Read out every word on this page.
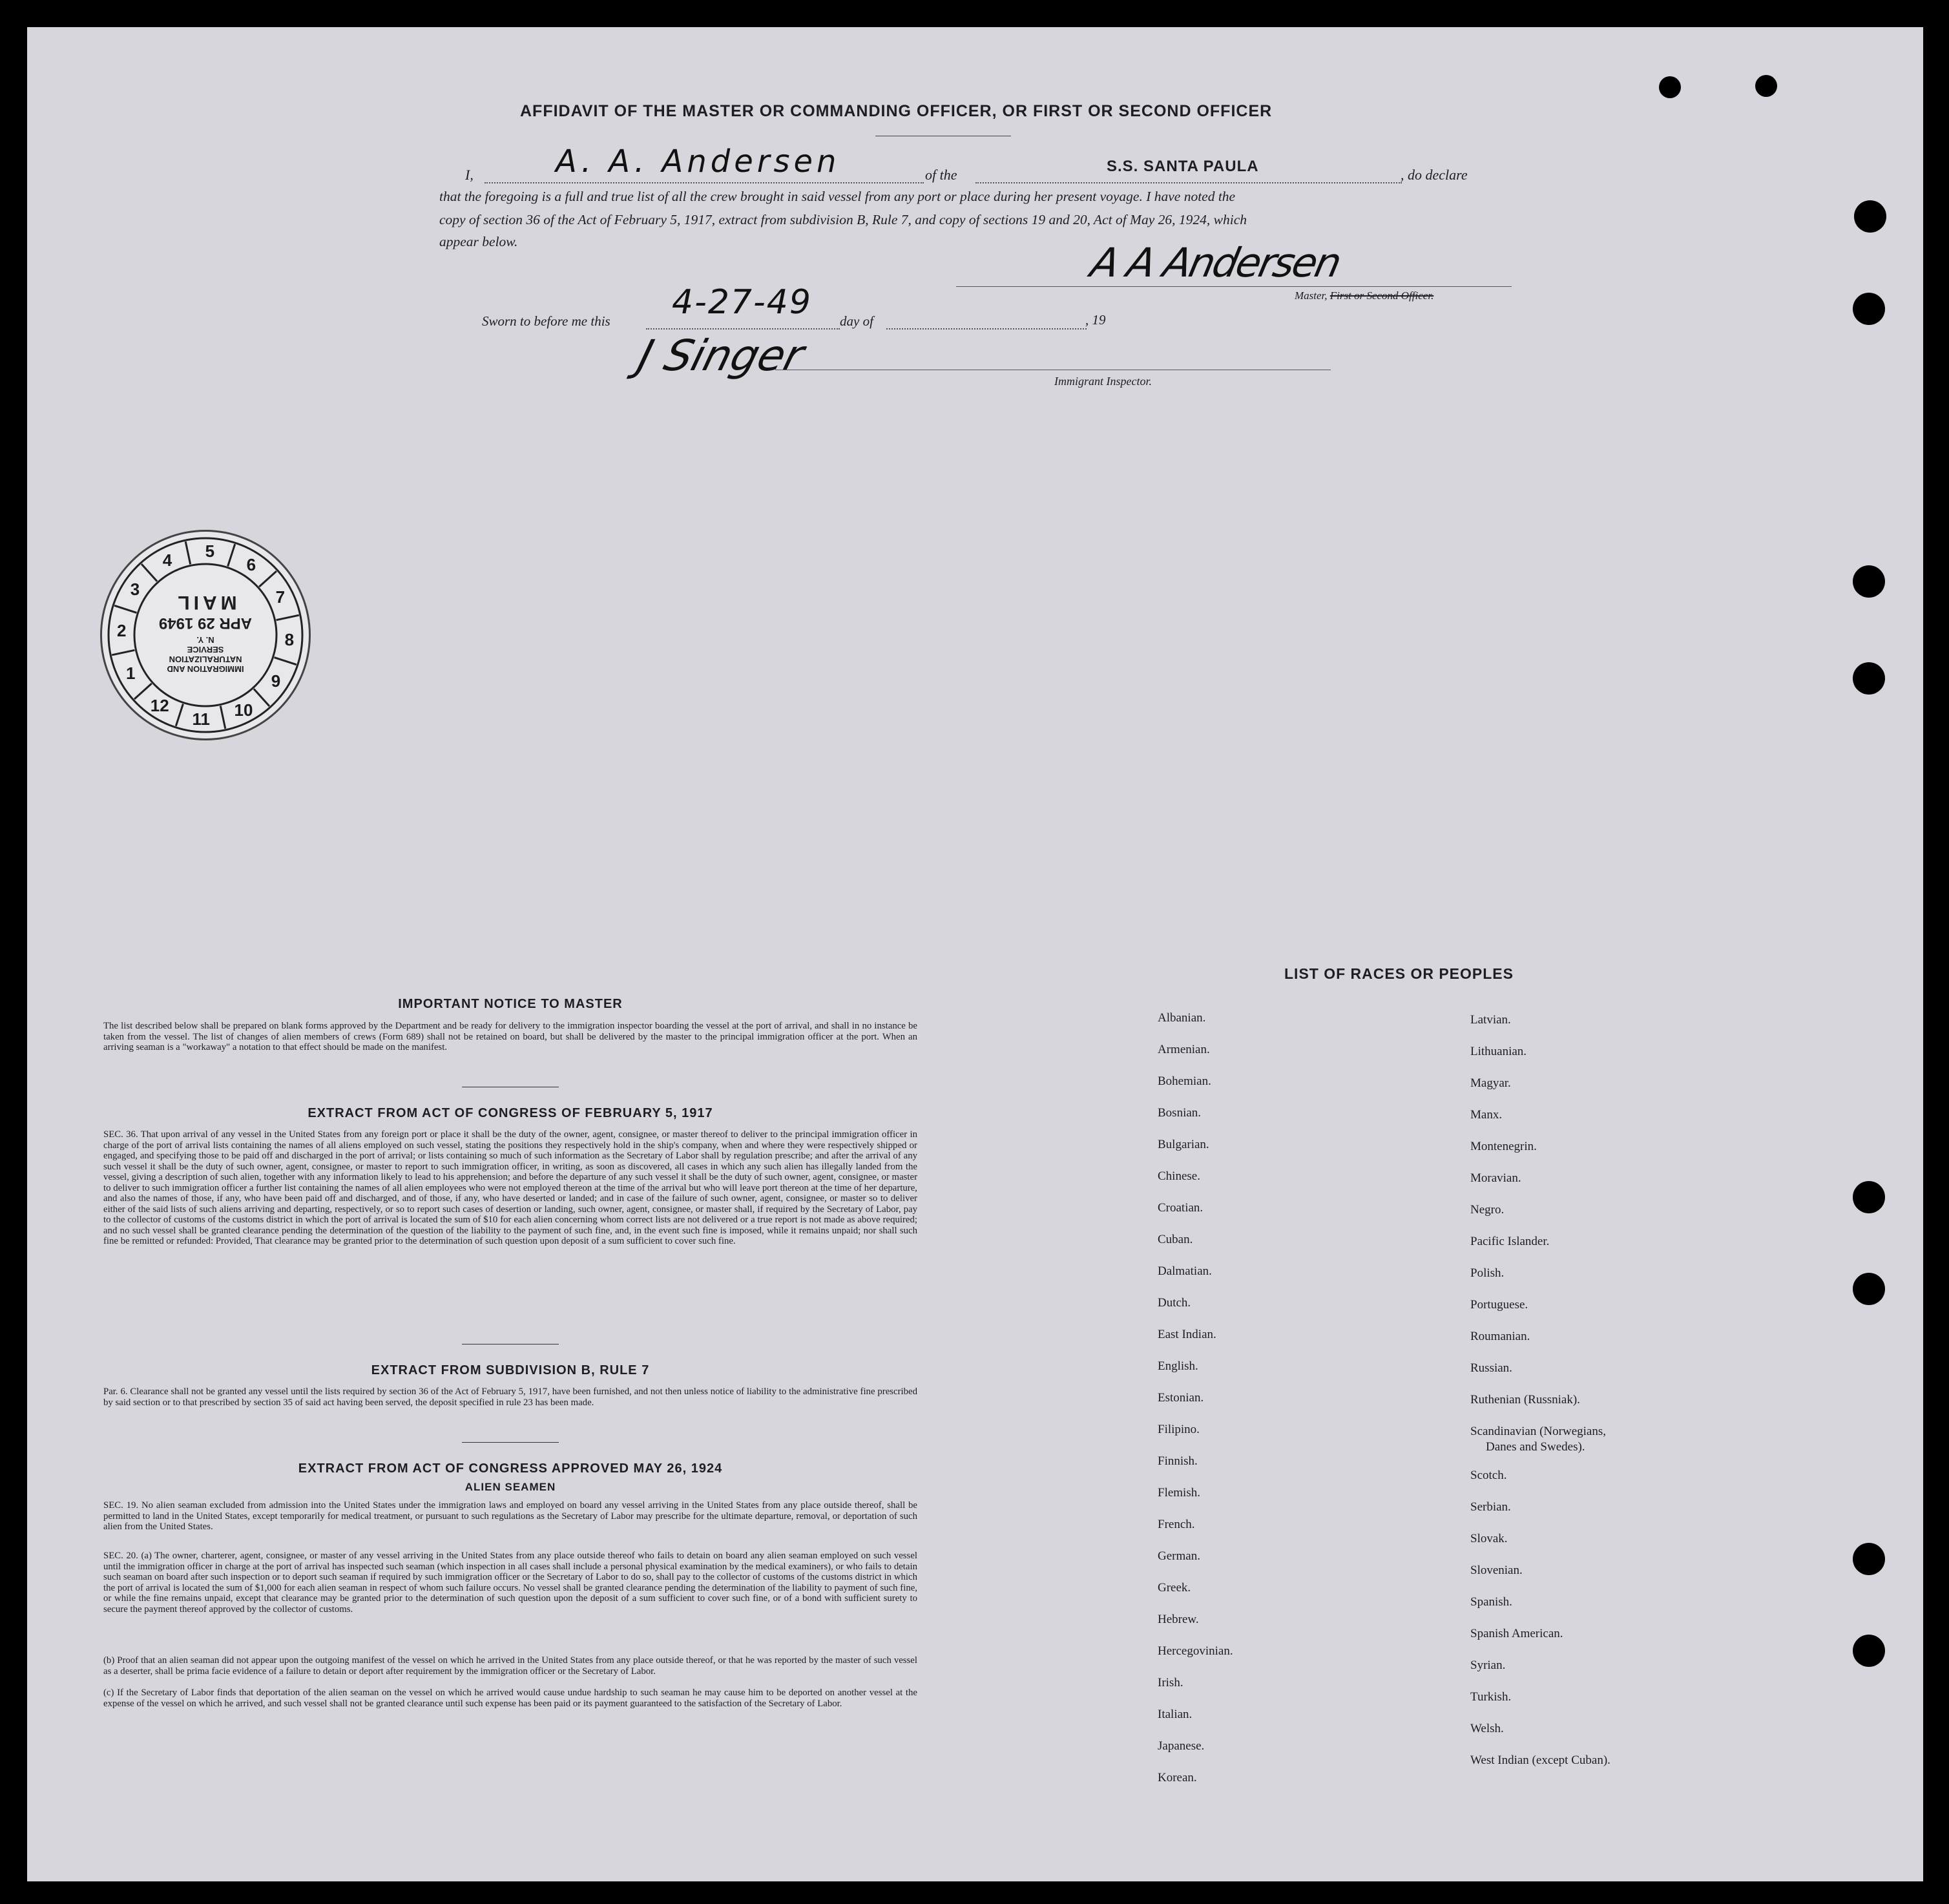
AFFIDAVIT OF THE MASTER OR COMMANDING OFFICER, OR FIRST OR SECOND OFFICER
I,	A. A. Andersen	of the	S.S. SANTA PAULA	, do declare
that the foregoing is a full and true list of all the crew brought in said vessel from any port or place during her present voyage. I have noted the
copy of section 36 of the Act of February 5, 1917, extract from subdivision B, Rule 7, and copy of sections 19 and 20, Act of May 26, 1924, which
appear below.	A A Andersen
Master, First or Second Officer.
Sworn to before me this 4-27-49 day of	, 19
J Singer
Immigrant Inspector.
1
2
3
4 5
6
7
8
9
10
11
12
IMMIGRATION AND
NATURALIZATION
SERVICE
N. Y.
APR 29 1949
MAIL
IMPORTANT NOTICE TO MASTER
The list described below shall be prepared on blank forms approved by the Department and be ready for delivery to the immigration inspector boarding the vessel at the port of arrival, and shall in no instance be taken from the vessel. The list of changes of alien members of crews (Form 689) shall not be retained on board, but shall be delivered by the master to the principal immigration officer at the port. When an arriving seaman is a "workaway" a notation to that effect should be made on the manifest.
EXTRACT FROM ACT OF CONGRESS OF FEBRUARY 5, 1917
SEC. 36. That upon arrival of any vessel in the United States from any foreign port or place it shall be the duty of the owner, agent, consignee, or master thereof to deliver to the principal immigration officer in charge of the port of arrival lists containing the names of all aliens employed on such vessel, stating the positions they respectively hold in the ship's company, when and where they were respectively shipped or engaged, and specifying those to be paid off and discharged in the port of arrival; or lists containing so much of such information as the Secretary of Labor shall by regulation prescribe; and after the arrival of any such vessel it shall be the duty of such owner, agent, consignee, or master to report to such immigration officer, in writing, as soon as discovered, all cases in which any such alien has illegally landed from the vessel, giving a description of such alien, together with any information likely to lead to his apprehension; and before the departure of any such vessel it shall be the duty of such owner, agent, consignee, or master to deliver to such immigration officer a further list containing the names of all alien employees who were not employed thereon at the time of the arrival but who will leave port thereon at the time of her departure, and also the names of those, if any, who have been paid off and discharged, and of those, if any, who have deserted or landed; and in case of the failure of such owner, agent, consignee, or master so to deliver either of the said lists of such aliens arriving and departing, respectively, or so to report such cases of desertion or landing, such owner, agent, consignee, or master shall, if required by the Secretary of Labor, pay to the collector of customs of the customs district in which the port of arrival is located the sum of $10 for each alien concerning whom correct lists are not delivered or a true report is not made as above required; and no such vessel shall be granted clearance pending the determination of the question of the liability to the payment of such fine, and, in the event such fine is imposed, while it remains unpaid; nor shall such fine be remitted or refunded: Provided, That clearance may be granted prior to the determination of such question upon deposit of a sum sufficient to cover such fine.
EXTRACT FROM SUBDIVISION B, RULE 7
Par. 6. Clearance shall not be granted any vessel until the lists required by section 36 of the Act of February 5, 1917, have been furnished, and not then unless notice of liability to the administrative fine prescribed by said section or to that prescribed by section 35 of said act having been served, the deposit specified in rule 23 has been made.
EXTRACT FROM ACT OF CONGRESS APPROVED MAY 26, 1924
ALIEN SEAMEN
SEC. 19. No alien seaman excluded from admission into the United States under the immigration laws and employed on board any vessel arriving in the United States from any place outside thereof, shall be permitted to land in the United States, except temporarily for medical treatment, or pursuant to such regulations as the Secretary of Labor may prescribe for the ultimate departure, removal, or deportation of such alien from the United States.
SEC. 20. (a) The owner, charterer, agent, consignee, or master of any vessel arriving in the United States from any place outside thereof who fails to detain on board any alien seaman employed on such vessel until the immigration officer in charge at the port of arrival has inspected such seaman (which inspection in all cases shall include a personal physical examination by the medical examiners), or who fails to detain such seaman on board after such inspection or to deport such seaman if required by such immigration officer or the Secretary of Labor to do so, shall pay to the collector of customs of the customs district in which the port of arrival is located the sum of $1,000 for each alien seaman in respect of whom such failure occurs. No vessel shall be granted clearance pending the determination of the liability to payment of such fine, or while the fine remains unpaid, except that clearance may be granted prior to the determination of such question upon the deposit of a sum sufficient to cover such fine, or of a bond with sufficient surety to secure the payment thereof approved by the collector of customs.
(b) Proof that an alien seaman did not appear upon the outgoing manifest of the vessel on which he arrived in the United States from any place outside thereof, or that he was reported by the master of such vessel as a deserter, shall be prima facie evidence of a failure to detain or deport after requirement by the immigration officer or the Secretary of Labor.
(c) If the Secretary of Labor finds that deportation of the alien seaman on the vessel on which he arrived would cause undue hardship to such seaman he may cause him to be deported on another vessel at the expense of the vessel on which he arrived, and such vessel shall not be granted clearance until such expense has been paid or its payment guaranteed to the satisfaction of the Secretary of Labor.
LIST OF RACES OR PEOPLES
Albanian.
Armenian.
Bohemian.
Bosnian.
Bulgarian.
Chinese.
Croatian.
Cuban.
Dalmatian.
Dutch.
East Indian.
English.
Estonian.
Filipino.
Finnish.
Flemish.
French.
German.
Greek.
Hebrew.
Hercegovinian.
Irish.
Italian.
Japanese.
Korean.
Latvian.
Lithuanian.
Magyar.
Manx.
Montenegrin.
Moravian.
Negro.
Pacific Islander.
Polish.
Portuguese.
Roumanian.
Russian.
Ruthenian (Russniak).
Scandinavian (Norwegians,
Danes and Swedes).
Scotch.
Serbian.
Slovak.
Slovenian.
Spanish.
Spanish American.
Syrian.
Turkish.
Welsh.
West Indian (except Cuban).
